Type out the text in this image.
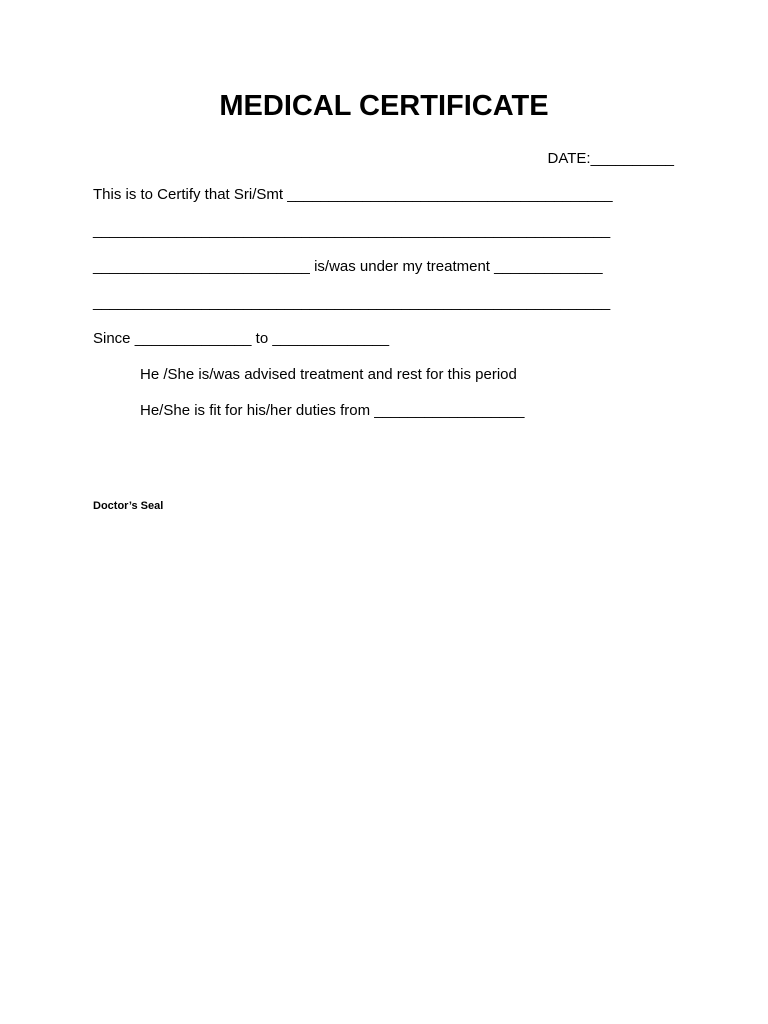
MEDICAL CERTIFICATE
DATE:__________
This is to Certify that Sri/Smt _______________________________________
______________________________________________________________
__________________________ is/was under my treatment _____________
______________________________________________________________
Since ______________ to ______________
He /She is/was advised treatment and rest for this period
He/She is fit for his/her duties from __________________
Doctor’s Seal
